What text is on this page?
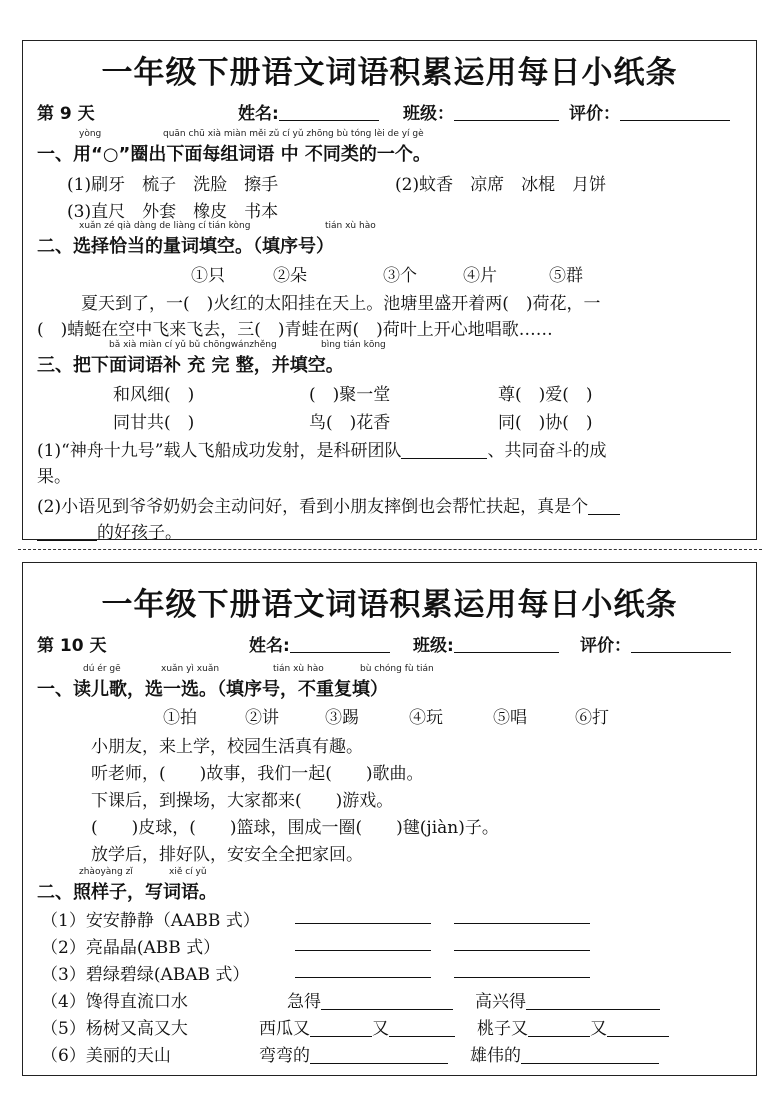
一年级下册语文词语积累运用每日小纸条
第 9 天	姓名:	班级：	评价：
yòng	quān chū xià miàn měi zǔ cí yǔ zhōng bù tóng lèi de yí gè
一、用“○”圈出下面每组词语 中 不同类的一个。
(1)刷牙　梳子　洗脸　擦手	(2)蚊香　凉席　冰棍　月饼
(3)直尺　外套　橡皮　书本
xuǎn zé qià dàng de liàng cí tián kòng	tián xù hào
二、选择恰当的量词填空。（填序号）
①只	②朵	③个	④片	⑤群
夏天到了，一(　)火红的太阳挂在天上。池塘里盛开着两(　)荷花，一
(　)蜻蜓在空中飞来飞去，三(　)青蛙在两(　)荷叶上开心地唱歌……
bǎ xià miàn cí yǔ bǔ chōngwánzhěng	bìng tián kōng
三、把下面词语补 充 完 整，并填空。
和风细(　)	(　)聚一堂	尊(　)爱(　)
同甘共(　)	鸟(　)花香	同(　)协(　)
(1)“神舟十九号”载人飞船成功发射，是科研团队	、共同奋斗的成
果。
(2)小语见到爷爷奶奶会主动问好，看到小朋友摔倒也会帮忙扶起，真是个
的好孩子。
一年级下册语文词语积累运用每日小纸条
第 10 天	姓名:	班级:	评价：
dú ér gē	xuǎn yì xuǎn	tián xù hào	bù chóng fù tián
一、读儿歌，选一选。（填序号，不重复填）
①拍	②讲	③踢	④玩	⑤唱	⑥打
小朋友，来上学，校园生活真有趣。
听老师，(　　)故事，我们一起(　　)歌曲。
下课后，到操场，大家都来(　　)游戏。
(　　)皮球，(　　)篮球，围成一圈(　　)毽(jiàn)子。
放学后，排好队，安安全全把家回。
zhàoyàng zǐ	xiě cí yǔ
二、照样子，写词语。
（1）安安静静（AABB 式）

（2）亮晶晶(ABB 式）

（3）碧绿碧绿(ABAB 式）

（4）馋得直流口水	急得	高兴得
（5）杨树又高又大	西瓜又	又	桃子又	又
（6）美丽的天山	弯弯的	雄伟的
